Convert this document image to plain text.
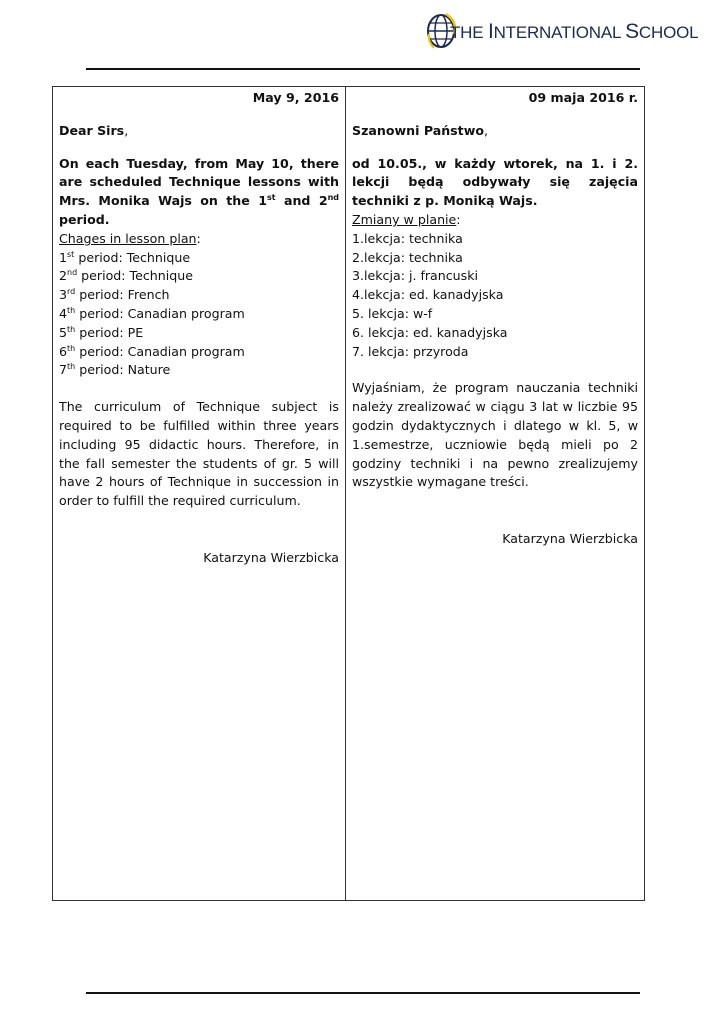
THE INTERNATIONAL SCHOOL

May 9, 2016

Dear Sirs,

On each Tuesday, from May 10, there are scheduled Technique lessons with Mrs. Monika Wajs on the 1st and 2nd period.

Chages in lesson plan:

1st period: Technique
2nd period: Technique
3rd period: French
4th period: Canadian program
5th period: PE
6th period: Canadian program
7th period: Nature

The curriculum of Technique subject is required to be fulfilled within three years including 95 didactic hours. Therefore, in the fall semester the students of gr. 5 will have 2 hours of Technique in succession in order to fulfill the required curriculum.

Katarzyna Wierzbicka

09 maja 2016 r.

Szanowni Państwo,

od 10.05., w każdy wtorek, na 1. i 2. lekcji będą odbywały się zajęcia techniki z p. Moniką Wajs.

Zmiany w planie:

1.lekcja: technika
2.lekcja: technika
3.lekcja: j. francuski
4.lekcja: ed. kanadyjska
5. lekcja: w-f
6. lekcja: ed. kanadyjska
7. lekcja: przyroda

Wyjaśniam, że program nauczania techniki należy zrealizować w ciągu 3 lat w liczbie 95 godzin dydaktycznych i dlatego w kl. 5, w 1.semestrze, uczniowie będą mieli po 2 godziny techniki i na pewno zrealizujemy wszystkie wymagane treści.

Katarzyna Wierzbicka
